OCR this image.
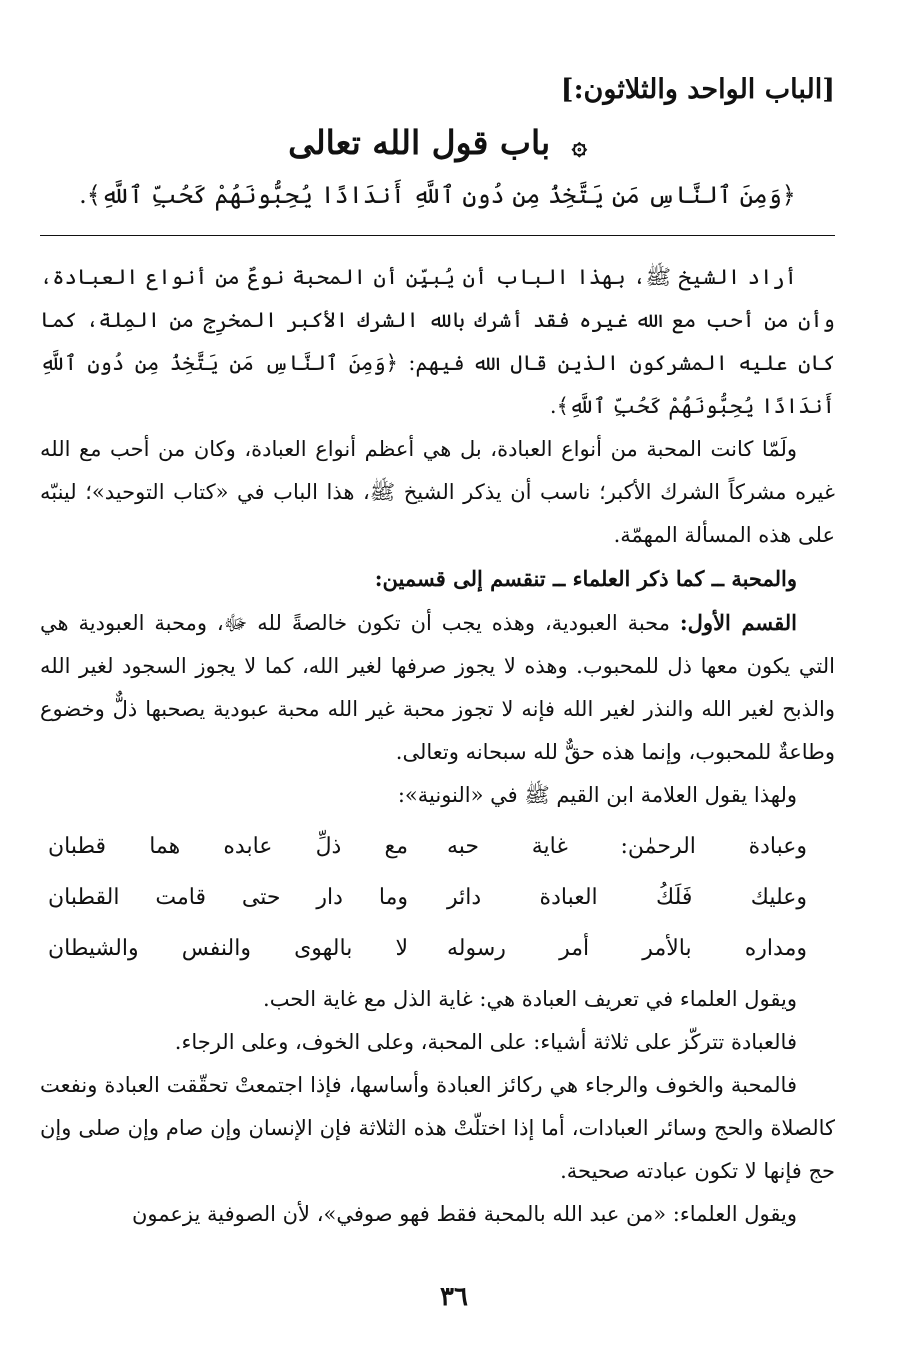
[الباب الواحد والثلاثون:]
۞ باب قول الله تعالى
﴿وَمِنَ ٱلنَّاسِ مَن يَتَّخِذُ مِن دُونِ ٱللَّهِ أَندَادًا يُحِبُّونَهُمْ كَحُبِّ ٱللَّهِ﴾.

أراد الشيخ ﷺ، بهذا الباب أن يُبيِّن أن المحبة نوعٌ من أنواع العبادة، وأن من أحب مع الله غيره فقد أشرك بالله الشرك الأكبر المخرِج من المِلة، كما كان عليه المشركون الذين قال الله فيهم: ﴿وَمِنَ ٱلنَّاسِ مَن يَتَّخِذُ مِن دُونِ ٱللَّهِ أَندَادًا يُحِبُّونَهُمْ كَحُبِّ ٱللَّهِ﴾.

ولَمّا كانت المحبة من أنواع العبادة، بل هي أعظم أنواع العبادة، وكان من أحب مع الله غيره مشركاً الشرك الأكبر؛ ناسب أن يذكر الشيخ ﷺ، هذا الباب في «كتاب التوحيد»؛ لينبّه على هذه المسألة المهمّة.

والمحبة ــ كما ذكر العلماء ــ تنقسم إلى قسمين:

القسم الأول: محبة العبودية، وهذه يجب أن تكون خالصةً لله ﷻ، ومحبة العبودية هي التي يكون معها ذل للمحبوب. وهذه لا يجوز صرفها لغير الله، كما لا يجوز السجود لغير الله والذبح لغير الله والنذر لغير الله فإنه لا تجوز محبة غير الله محبة عبودية يصحبها ذلٌّ وخضوع وطاعةٌ للمحبوب، وإنما هذه حقٌّ لله سبحانه وتعالى.

ولهذا يقول العلامة ابن القيم ﷺ في «النونية»:

وعبادة الرحمٰن: غاية حبه
مع ذلِّ عابده هما قطبان
وعليك فَلَكُ العبادة دائر
وما دار حتى قامت القطبان
ومداره بالأمر أمر رسوله
لا بالهوى والنفس والشيطان

ويقول العلماء في تعريف العبادة هي: غاية الذل مع غاية الحب.

فالعبادة تتركّز على ثلاثة أشياء: على المحبة، وعلى الخوف، وعلى الرجاء.

فالمحبة والخوف والرجاء هي ركائز العبادة وأساسها، فإذا اجتمعتْ تحقّقت العبادة ونفعت كالصلاة والحج وسائر العبادات، أما إذا اختلّتْ هذه الثلاثة فإن الإنسان وإن صام وإن صلى وإن حج فإنها لا تكون عبادته صحيحة.

ويقول العلماء: «من عبد الله بالمحبة فقط فهو صوفي»، لأن الصوفية يزعمون

٣٦
